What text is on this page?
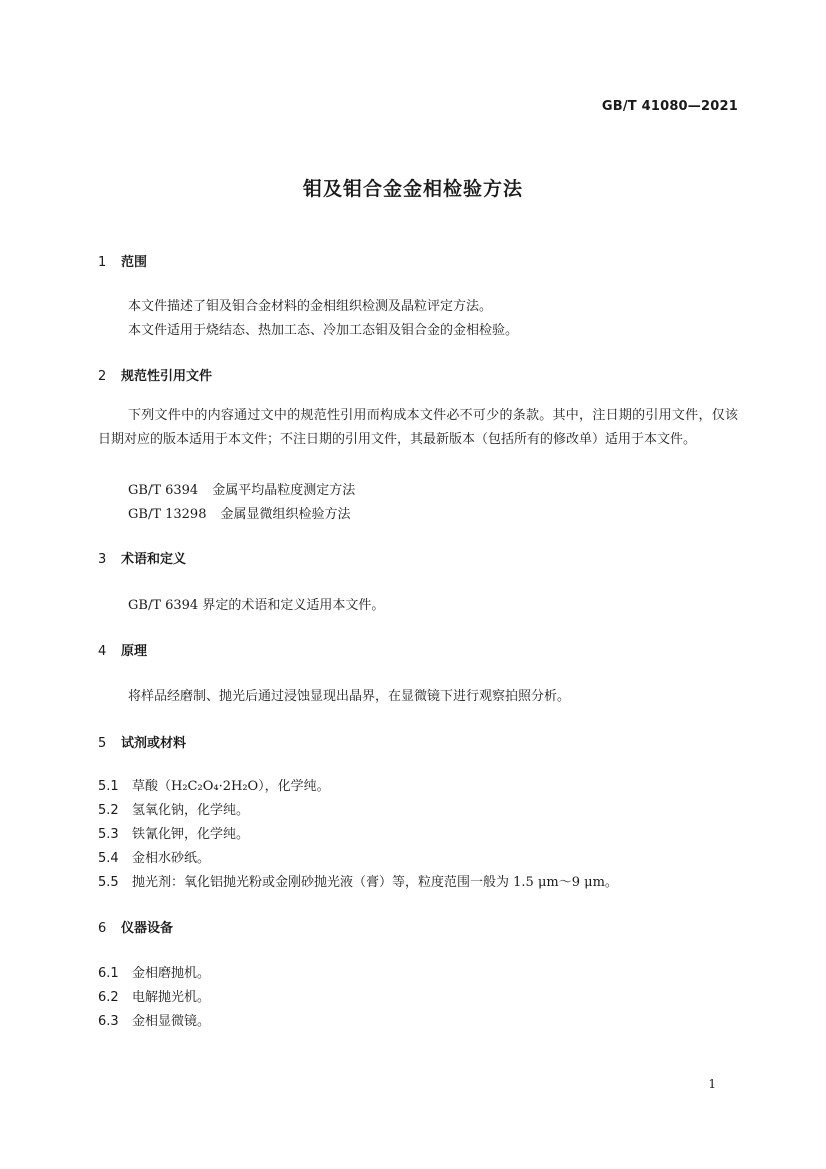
GB/T 41080—2021
钼及钼合金金相检验方法
1 范围
本文件描述了钼及钼合金材料的金相组织检测及晶粒评定方法。
本文件适用于烧结态、热加工态、冷加工态钼及钼合金的金相检验。
2 规范性引用文件
下列文件中的内容通过文中的规范性引用而构成本文件必不可少的条款。其中，注日期的引用文件，仅该日期对应的版本适用于本文件；不注日期的引用文件，其最新版本（包括所有的修改单）适用于本文件。
GB/T 6394 金属平均晶粒度测定方法
GB/T 13298 金属显微组织检验方法
3 术语和定义
GB/T 6394 界定的术语和定义适用本文件。
4 原理
将样品经磨制、抛光后通过浸蚀显现出晶界，在显微镜下进行观察拍照分析。
5 试剂或材料
5.1 草酸（H₂C₂O₄·2H₂O），化学纯。
5.2 氢氧化钠，化学纯。
5.3 铁氰化钾，化学纯。
5.4 金相水砂纸。
5.5 抛光剂：氧化铝抛光粉或金刚砂抛光液（膏）等，粒度范围一般为 1.5 μm～9 μm。
6 仪器设备
6.1 金相磨抛机。
6.2 电解抛光机。
6.3 金相显微镜。
1
